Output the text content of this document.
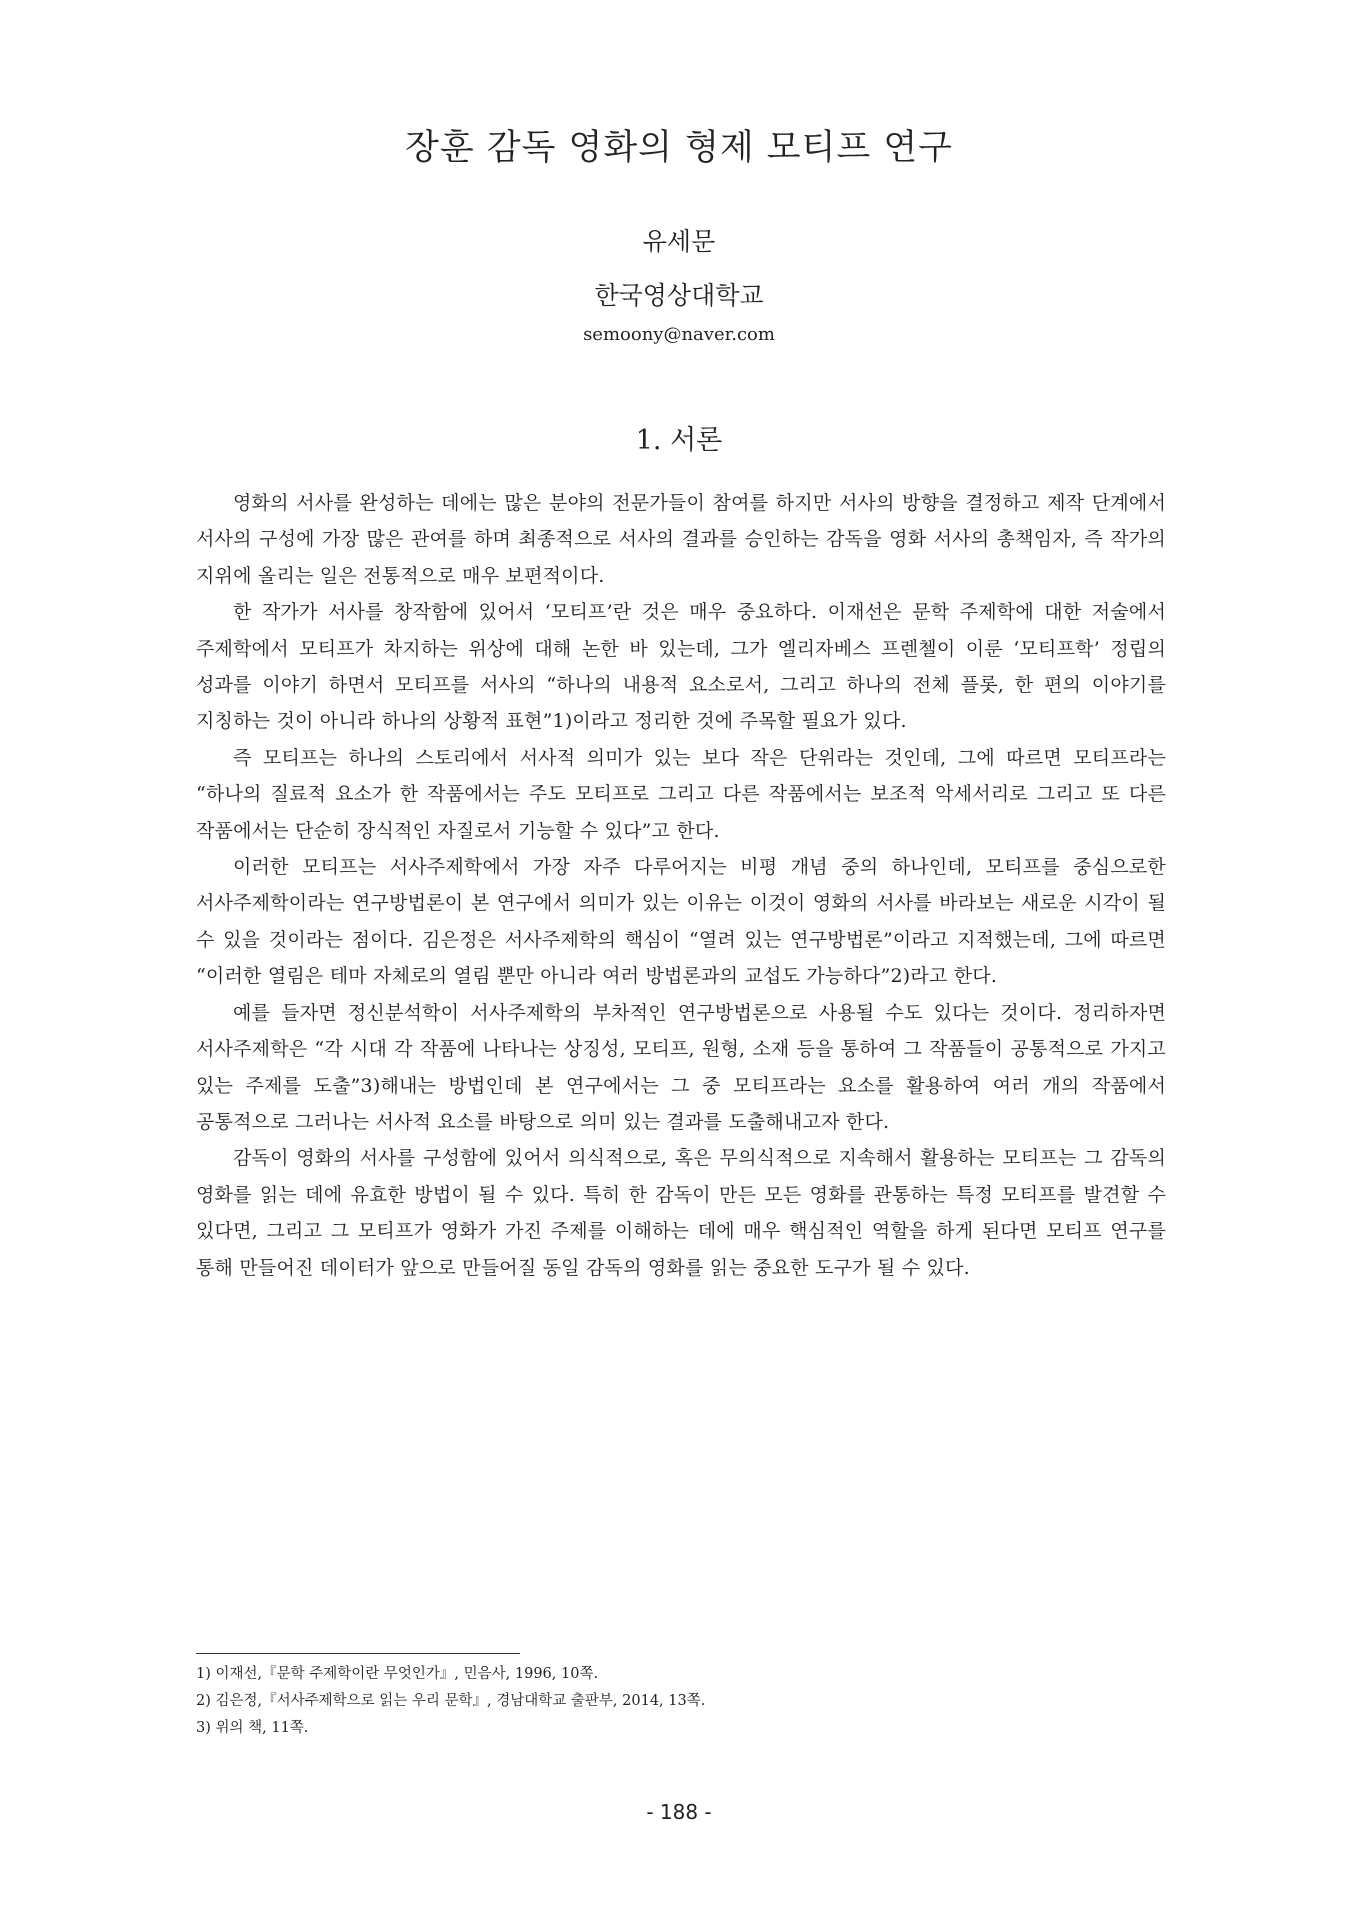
장훈 감독 영화의 형제 모티프 연구

유세문

한국영상대학교

semoony@naver.com

1. 서론

영화의 서사를 완성하는 데에는 많은 분야의 전문가들이 참여를 하지만 서사의 방향을 결정하고 제작 단계에서 서사의 구성에 가장 많은 관여를 하며 최종적으로 서사의 결과를 승인하는 감독을 영화 서사의 총책임자, 즉 작가의 지위에 올리는 일은 전통적으로 매우 보편적이다.

한 작가가 서사를 창작함에 있어서 ‘모티프’란 것은 매우 중요하다. 이재선은 문학 주제학에 대한 저술에서 주제학에서 모티프가 차지하는 위상에 대해 논한 바 있는데, 그가 엘리자베스 프렌첼이 이룬 ‘모티프학’ 정립의 성과를 이야기 하면서 모티프를 서사의 “하나의 내용적 요소로서, 그리고 하나의 전체 플롯, 한 편의 이야기를 지칭하는 것이 아니라 하나의 상황적 표현”1)이라고 정리한 것에 주목할 필요가 있다.

즉 모티프는 하나의 스토리에서 서사적 의미가 있는 보다 작은 단위라는 것인데, 그에 따르면 모티프라는 “하나의 질료적 요소가 한 작품에서는 주도 모티프로 그리고 다른 작품에서는 보조적 악세서리로 그리고 또 다른 작품에서는 단순히 장식적인 자질로서 기능할 수 있다”고 한다.

이러한 모티프는 서사주제학에서 가장 자주 다루어지는 비평 개념 중의 하나인데, 모티프를 중심으로한 서사주제학이라는 연구방법론이 본 연구에서 의미가 있는 이유는 이것이 영화의 서사를 바라보는 새로운 시각이 될 수 있을 것이라는 점이다. 김은정은 서사주제학의 핵심이 “열려 있는 연구방법론”이라고 지적했는데, 그에 따르면 “이러한 열림은 테마 자체로의 열림 뿐만 아니라 여러 방법론과의 교섭도 가능하다”2)라고 한다.

예를 들자면 정신분석학이 서사주제학의 부차적인 연구방법론으로 사용될 수도 있다는 것이다. 정리하자면 서사주제학은 “각 시대 각 작품에 나타나는 상징성, 모티프, 원형, 소재 등을 통하여 그 작품들이 공통적으로 가지고 있는 주제를 도출”3)해내는 방법인데 본 연구에서는 그 중 모티프라는 요소를 활용하여 여러 개의 작품에서 공통적으로 그러나는 서사적 요소를 바탕으로 의미 있는 결과를 도출해내고자 한다.

감독이 영화의 서사를 구성함에 있어서 의식적으로, 혹은 무의식적으로 지속해서 활용하는 모티프는 그 감독의 영화를 읽는 데에 유효한 방법이 될 수 있다. 특히 한 감독이 만든 모든 영화를 관통하는 특정 모티프를 발견할 수 있다면, 그리고 그 모티프가 영화가 가진 주제를 이해하는 데에 매우 핵심적인 역할을 하게 된다면 모티프 연구를 통해 만들어진 데이터가 앞으로 만들어질 동일 감독의 영화를 읽는 중요한 도구가 될 수 있다.

1) 이재선,『문학 주제학이란 무엇인가』, 민음사, 1996, 10쪽.
2) 김은정,『서사주제학으로 읽는 우리 문학』, 경남대학교 출판부, 2014, 13쪽.
3) 위의 책, 11쪽.

- 188 -
